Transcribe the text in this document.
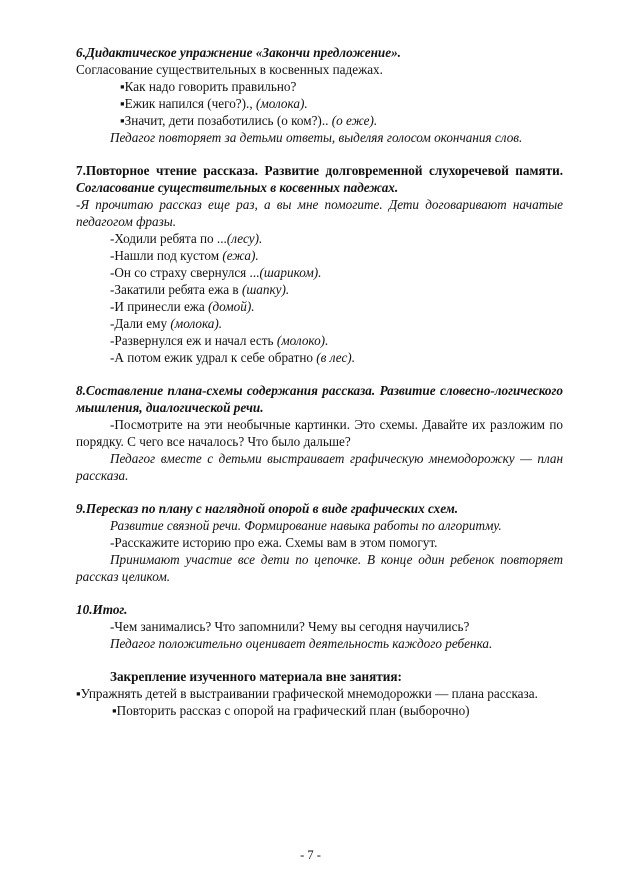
6.Дидактическое упражнение «Закончи предложение».

Согласование существительных в косвенных падежах.

▪Как надо говорить правильно?

▪Ежик напился (чего?)., (молока).

▪Значит, дети позаботились (о ком?).. (о еже).

Педагог повторяет за детьми ответы, выделяя голосом окончания слов.

7.Повторное чтение рассказа. Развитие долговременной слухоречевой памяти. Согласование существительных в косвенных падежах.

-Я прочитаю рассказ еще раз, а вы мне помогите. Дети договаривают начатые педагогом фразы.

-Ходили ребята по ...(лесу).

-Нашли под кустом (ежа).

-Он со страху свернулся ...(шариком).

-Закатили ребята ежа в (шапку).

-И принесли ежа (домой).

-Дали ему (молока).

-Развернулся еж и начал есть (молоко).

-А потом ежик удрал к себе обратно (в лес).

8.Составление плана-схемы содержания рассказа. Развитие словесно-логического мышления, диалогической речи.

-Посмотрите на эти необычные картинки. Это схемы. Давайте их разложим по порядку. С чего все началось? Что было дальше?

Педагог вместе с детьми выстраивает графическую мнемодорожку — план рассказа.

9.Пересказ по плану с наглядной опорой в виде графических схем.

Развитие связной речи. Формирование навыка работы по алгоритму.

-Расскажите историю про ежа. Схемы вам в этом помогут.

Принимают участие все дети по цепочке. В конце один ребенок повторяет рассказ целиком.

10.Итог.

-Чем занимались? Что запомнили? Чему вы сегодня научились?

Педагог положительно оценивает деятельность каждого ребенка.

Закрепление изученного материала вне занятия:

▪Упражнять детей в выстраивании графической мнемодорожки — плана рассказа.

▪Повторить рассказ с опорой на графический план (выборочно)

- 7 -
